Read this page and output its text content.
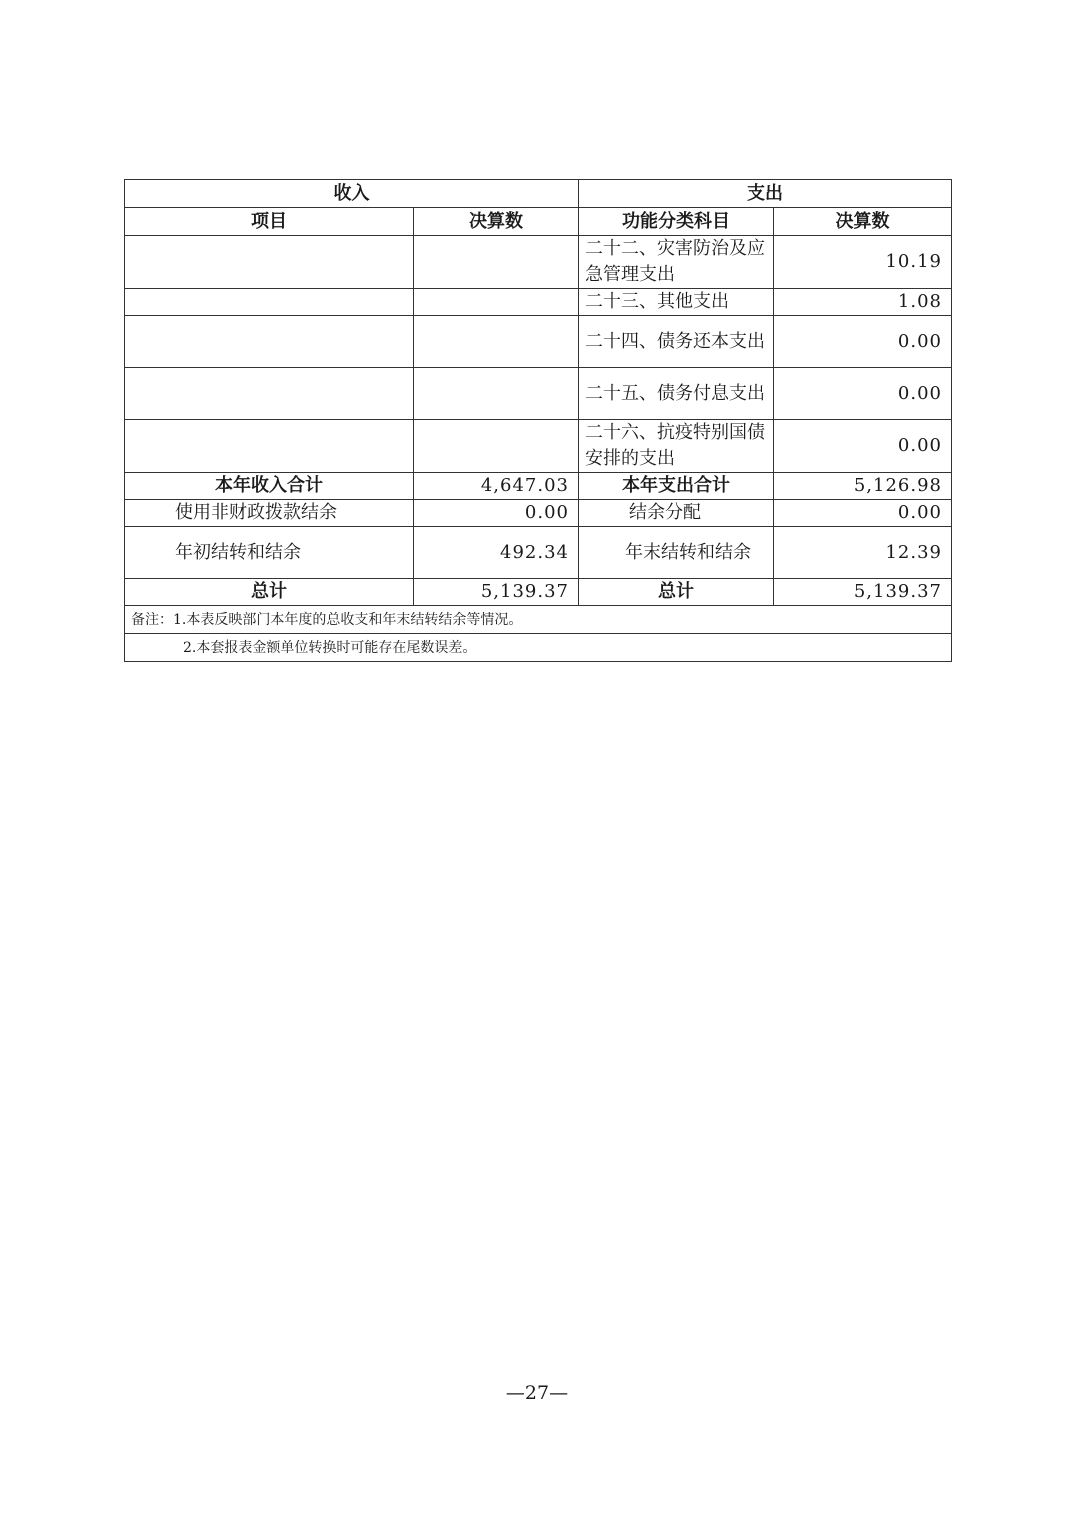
收入		支出	
项目	决算数	功能分类科目	决算数
		二十二、灾害防治及应急管理支出	10.19
		二十三、其他支出	1.08
		二十四、债务还本支出	0.00
		二十五、债务付息支出	0.00
		二十六、抗疫特别国债安排的支出	0.00
本年收入合计	4,647.03	本年支出合计	5,126.98
使用非财政拨款结余	0.00	结余分配	0.00
年初结转和结余	492.34	年末结转和结余	12.39
总计	5,139.37	总计	5,139.37
备注：1.本表反映部门本年度的总收支和年末结转结余等情况。			
2.本套报表金额单位转换时可能存在尾数误差。			
—27—
